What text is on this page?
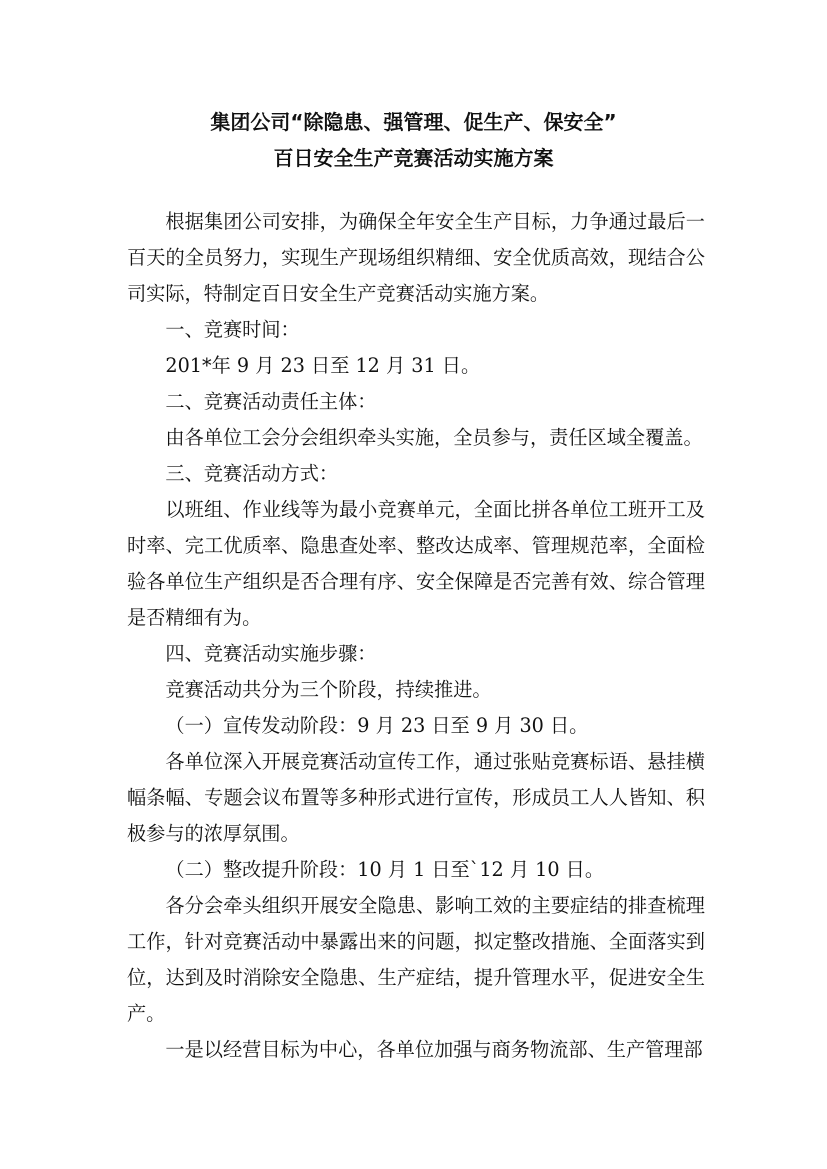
集团公司“除隐患、强管理、促生产、保安全”
百日安全生产竞赛活动实施方案

根据集团公司安排，为确保全年安全生产目标，力争通过最后一百天的全员努力，实现生产现场组织精细、安全优质高效，现结合公司实际，特制定百日安全生产竞赛活动实施方案。

一、竞赛时间：

201*年 9 月 23 日至 12 月 31 日。

二、竞赛活动责任主体：

由各单位工会分会组织牵头实施，全员参与，责任区域全覆盖。

三、竞赛活动方式：

以班组、作业线等为最小竞赛单元，全面比拼各单位工班开工及时率、完工优质率、隐患查处率、整改达成率、管理规范率，全面检验各单位生产组织是否合理有序、安全保障是否完善有效、综合管理是否精细有为。

四、竞赛活动实施步骤：

竞赛活动共分为三个阶段，持续推进。

（一）宣传发动阶段：9 月 23 日至 9 月 30 日。

各单位深入开展竞赛活动宣传工作，通过张贴竞赛标语、悬挂横幅条幅、专题会议布置等多种形式进行宣传，形成员工人人皆知、积极参与的浓厚氛围。

（二）整改提升阶段：10 月 1 日至`12 月 10 日。

各分会牵头组织开展安全隐患、影响工效的主要症结的排查梳理工作，针对竞赛活动中暴露出来的问题，拟定整改措施、全面落实到位，达到及时消除安全隐患、生产症结，提升管理水平，促进安全生产。

一是以经营目标为中心，各单位加强与商务物流部、生产管理部
